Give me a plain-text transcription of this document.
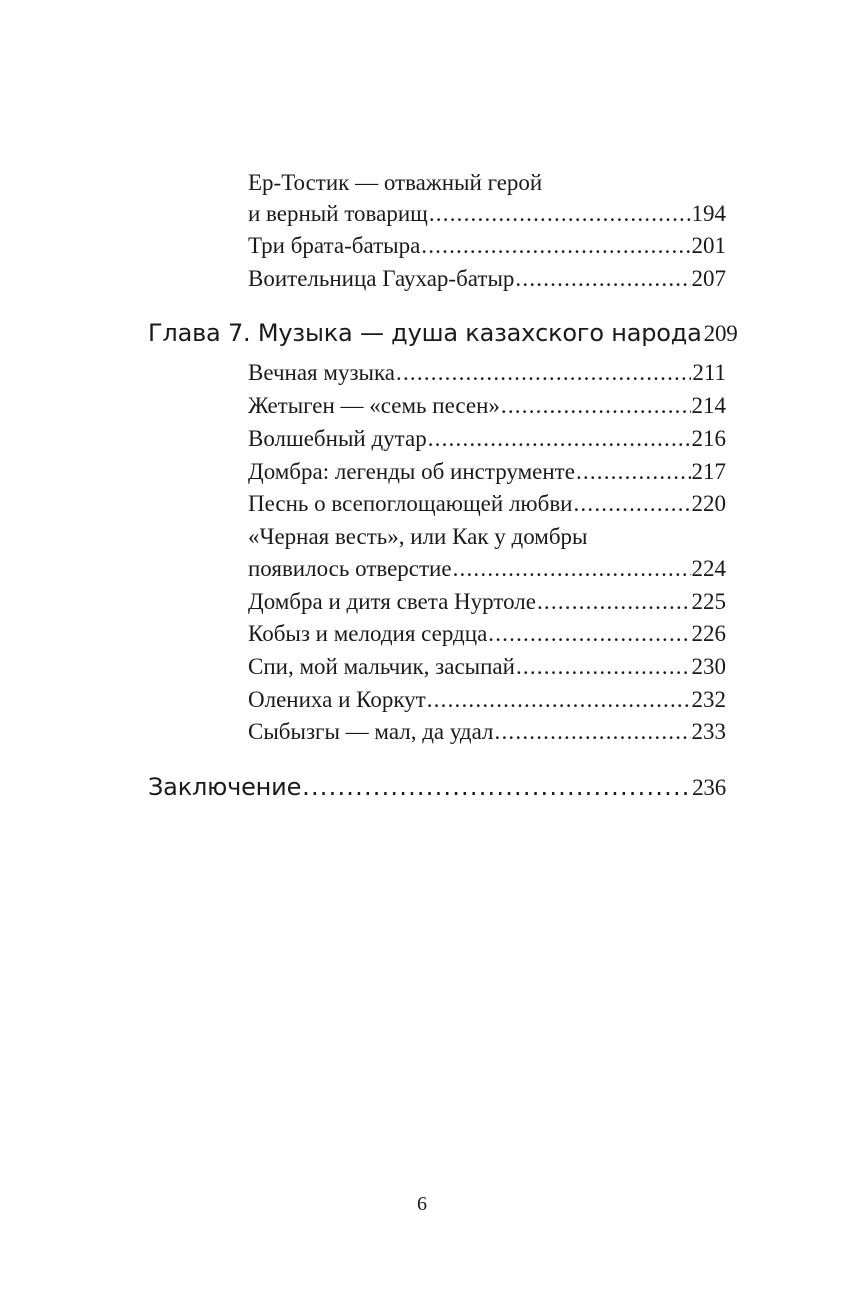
Ер-Тостик — отважный герой
и верный товарищ .....	194
Три брата-батыра .....	201
Воительница Гаухар-батыр .....	207
Глава 7. Музыка — душа казахского народа 209
Вечная музыка .....	211
Жетыген — «семь песен» .....	214
Волшебный дутар .....	216
Домбра: легенды об инструменте .....	217
Песнь о всепоглощающей любви .....	220
«Черная весть», или Как у домбры
появилось отверстие .....	224
Домбра и дитя света Нуртоле .....	225
Кобыз и мелодия сердца .....	226
Спи, мой мальчик, засыпай .....	230
Олениха и Коркут .....	232
Сыбызгы — мал, да удал .....	233
Заключение .....	236
6
